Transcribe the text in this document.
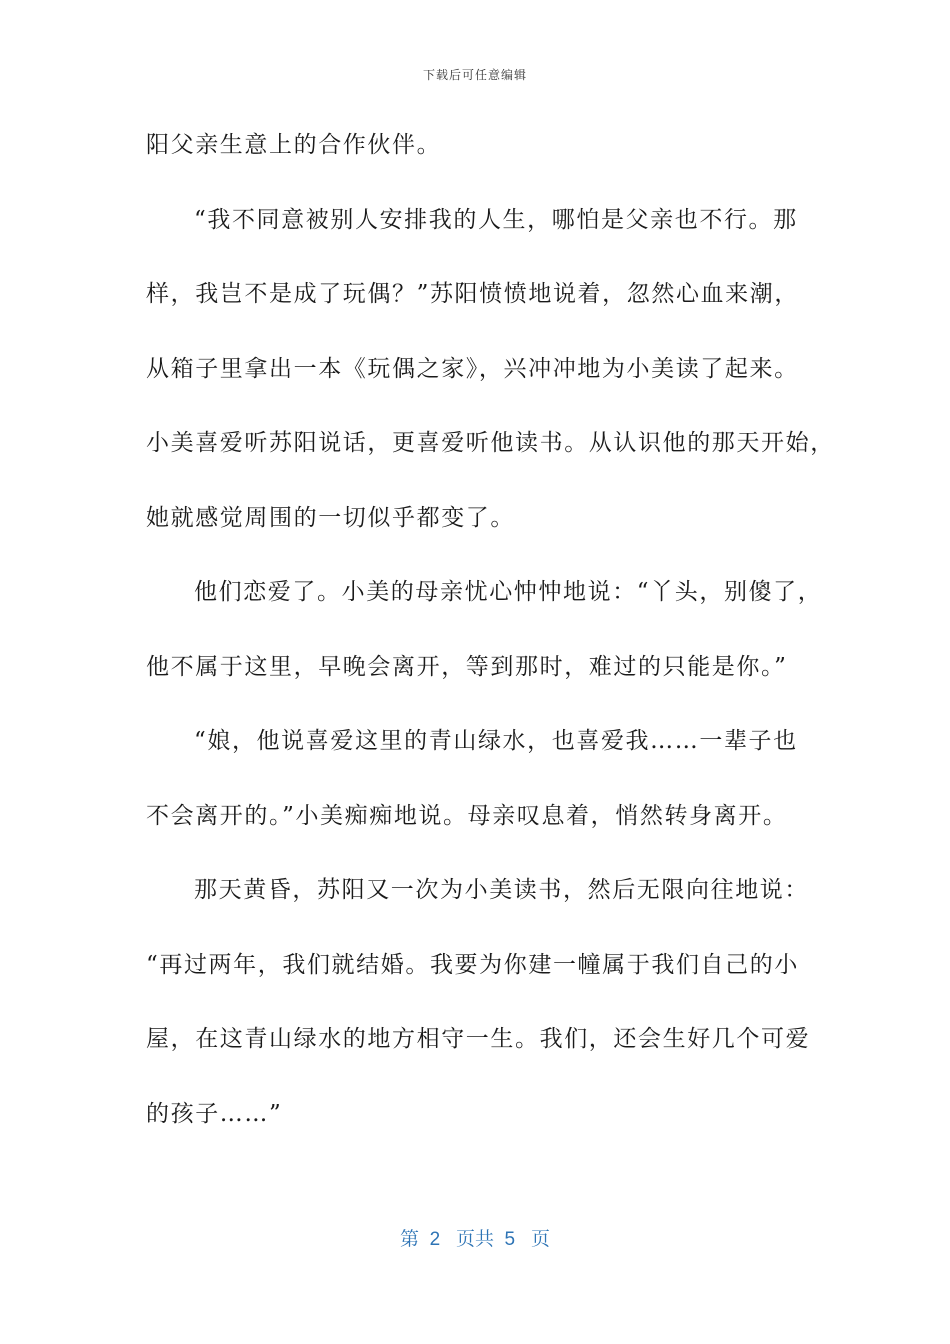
下载后可任意编辑
阳父亲生意上的合作伙伴。
“我不同意被别人安排我的人生，哪怕是父亲也不行。那
样，我岂不是成了玩偶？”苏阳愤愤地说着，忽然心血来潮，
从箱子里拿出一本《玩偶之家》，兴冲冲地为小美读了起来。
小美喜爱听苏阳说话，更喜爱听他读书。从认识他的那天开始，
她就感觉周围的一切似乎都变了。
他们恋爱了。小美的母亲忧心忡忡地说：“丫头，别傻了，
他不属于这里，早晚会离开，等到那时，难过的只能是你。”
“娘，他说喜爱这里的青山绿水，也喜爱我……一辈子也
不会离开的。”小美痴痴地说。母亲叹息着，悄然转身离开。
那天黄昏，苏阳又一次为小美读书，然后无限向往地说：
“再过两年，我们就结婚。我要为你建一幢属于我们自己的小
屋，在这青山绿水的地方相守一生。我们，还会生好几个可爱
的孩子……”
第  2   页共  5   页
